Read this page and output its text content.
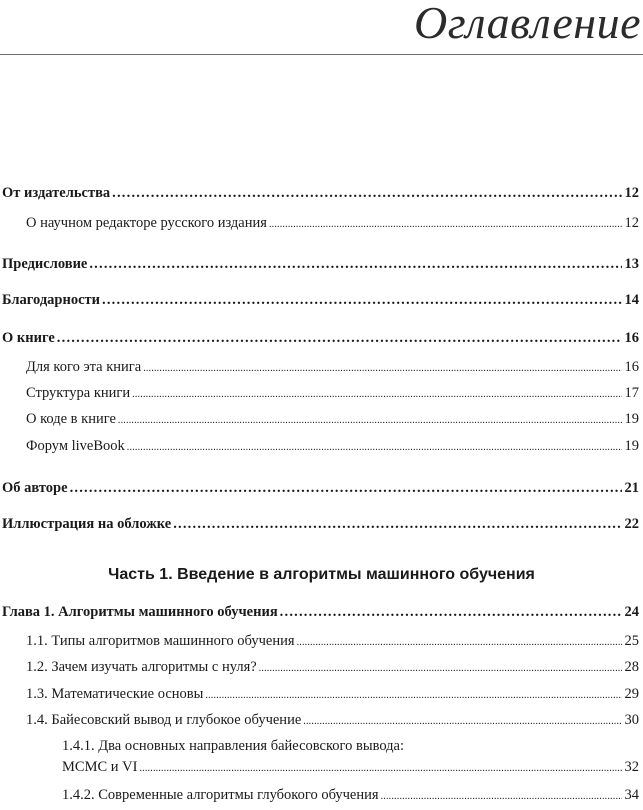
Оглавление
От издательства .....	12
О научном редакторе русского издания .....	12
Предисловие .....	13
Благодарности .....	14
О книге .....	16
Для кого эта книга .....	16
Структура книги .....	17
О коде в книге .....	19
Форум liveBook .....	19
Об авторе .....	21
Иллюстрация на обложке .....	22
Часть 1. Введение в алгоритмы машинного обучения
Глава 1. Алгоритмы машинного обучения .....	24
1.1. Типы алгоритмов машинного обучения .....	25
1.2. Зачем изучать алгоритмы с нуля? .....	28
1.3. Математические основы .....	29
1.4. Байесовский вывод и глубокое обучение .....	30
1.4.1. Два основных направления байесовского вывода:
MCMC и VI .....	32
1.4.2. Современные алгоритмы глубокого обучения .....	34
